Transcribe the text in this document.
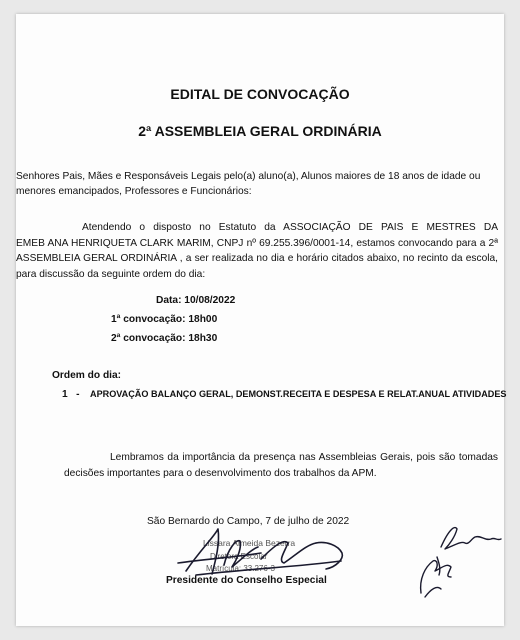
EDITAL DE CONVOCAÇÃO
2ª ASSEMBLEIA GERAL ORDINÁRIA
Senhores Pais, Mães e Responsáveis Legais pelo(a) aluno(a), Alunos maiores de 18 anos de idade ou
menores emancipados, Professores e Funcionários:
Atendendo o disposto no Estatuto da ASSOCIAÇÃO DE PAIS E MESTRES DA
EMEB ANA HENRIQUETA CLARK MARIM, CNPJ nº 69.255.396/0001-14, estamos convocando para a 2ª
ASSEMBLEIA GERAL ORDINÁRIA , a ser realizada no dia e horário citados abaixo, no recinto da escola,
para discussão da seguinte ordem do dia:
Data: 10/08/2022
1ª convocação: 18h00
2ª convocação: 18h30
Ordem do dia:
1   - APROVAÇÃO BALANÇO GERAL, DEMONST.RECEITA E DESPESA E RELAT.ANUAL ATIVIDADES
Lembramos da importância da presença nas Assembleias Gerais, pois são tomadas
decisões importantes para o desenvolvimento dos trabalhos da APM.
São Bernardo do Campo, 7 de julho de 2022
Lissara Almeida Bezerra
Diretora Escolar
Matrícula: 33.276-3
Presidente do Conselho Especial
